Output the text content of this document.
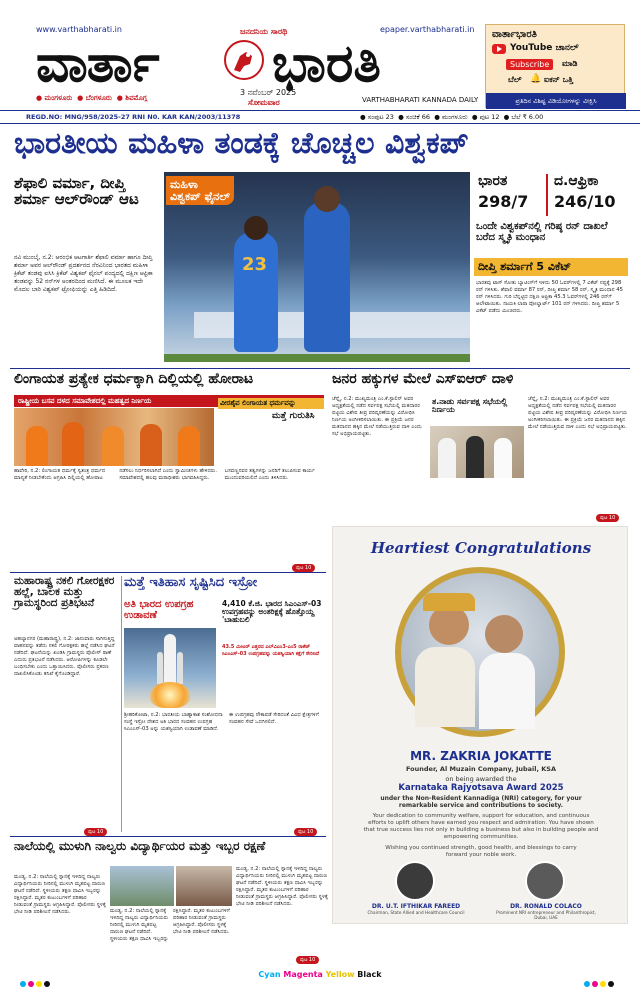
www.varthabharati.in	ಜನದನಿಯ ಸಾರಥಿ	epaper.varthabharati.in
ವಾರ್ತಾ ಭಾರತಿ
● ಮಂಗಳೂರು ● ಬೆಂಗಳೂರು ● ಶಿವಮೊಗ್ಗ
3 ನವೆಂಬರ್ 2025
ಸೋಮವಾರ	VARTHABHARATI KANNADA DAILY
ವಾರ್ತಾಭಾರತಿ
YouTube ಚಾನಲ್
Subscribe	ಮಾಡಿ
ಬೆಲ್ 🔔 ಐಕನ್ ಒತ್ತಿ
ಪ್ರತಿದಿನ ವಿಶಿಷ್ಟ ವಿಡಿಯೋಗಳನ್ನು ವೀಕ್ಷಿಸಿ
REGD.NO: MNG/958/2025-27 RNI N0. KAR KAN/2003/11378	● ಸಂಪುಟ 23 ● ಸಂಚಿಕೆ 66 ● ಮಂಗಳೂರು ● ಪುಟ 12 ● ಬೆಲೆ ₹ 6.00
ಭಾರತೀಯ ಮಹಿಳಾ ತಂಡಕ್ಕೆ ಚೊಚ್ಚಲ ವಿಶ್ವಕಪ್
ಶೆಫಾಲಿ ವರ್ಮಾ, ದೀಪ್ತಿ ಶರ್ಮಾ ಆಲ್‌ರೌಂಡ್ ಆಟ
23
ಮಹಿಳಾ ವಿಶ್ವಕಪ್ ಫೈನಲ್
ಭಾರತ
298/7
ದ.ಆಫ್ರಿಕಾ
246/10
ಒಂದೇ ವಿಶ್ವಕಪ್‌ನಲ್ಲಿ ಗರಿಷ್ಠ ರನ್ ದಾಖಲೆ ಬರೆದ ಸ್ಮೃತಿ ಮಂಧಾನ
ದೀಪ್ತಿ ಶರ್ಮಾಗೆ 5 ವಿಕೆಟ್
ಭಾರತವು ಟಾಸ್ ಸೋತು ಬ್ಯಾಟಿಂಗ್‌ಗೆ ಇಳಿದು 50 ಓವರ್‌ಗಳಲ್ಲಿ 7 ವಿಕೆಟ್ ನಷ್ಟಕ್ಕೆ 298 ರನ್ ಗಳಿಸಿತು. ಶೆಫಾಲಿ ವರ್ಮಾ 87 ರನ್, ದೀಪ್ತಿ ಶರ್ಮಾ 58 ರನ್, ಸ್ಮೃತಿ ಮಂಧಾನ 45 ರನ್ ಗಳಿಸಿದರು. ಗುರಿ ಬೆನ್ನಟ್ಟಿದ ದಕ್ಷಿಣ ಆಫ್ರಿಕಾ 45.3 ಓವರ್‌ಗಳಲ್ಲಿ 246 ರನ್‌ಗೆ ಆಲೌಟಾಯಿತು. ನಾಯಕಿ ಲಾರಾ ವೋಲ್ವಾರ್ಟ್ 101 ರನ್ ಗಳಿಸಿದರು. ದೀಪ್ತಿ ಶರ್ಮಾ 5 ವಿಕೆಟ್ ಪಡೆದು ಮಿಂಚಿದರು.
ನವಿ ಮುಂಬೈ, ನ.2: ಆರಂಭಿಕ ಆಟಗಾರ್ತಿ ಶೆಫಾಲಿ ವರ್ಮಾ ಹಾಗೂ ದೀಪ್ತಿ ಶರ್ಮಾ ಅವರ ಆಲ್‌ರೌಂಡ್ ಪ್ರದರ್ಶನದ ನೆರವಿನಿಂದ ಭಾರತದ ಮಹಿಳಾ ಕ್ರಿಕೆಟ್ ತಂಡವು ಐಸಿಸಿ ಕ್ರಿಕೆಟ್ ವಿಶ್ವಕಪ್ ಫೈನಲ್ ಪಂದ್ಯದಲ್ಲಿ ದಕ್ಷಿಣ ಆಫ್ರಿಕಾ ತಂಡವನ್ನು 52 ರನ್‌ಗಳ ಅಂತರದಿಂದ ಮಣಿಸಿದೆ. ಈ ಮೂಲಕ ಇದೇ ಮೊದಲ ಬಾರಿ ವಿಶ್ವಕಪ್ ಟ್ರೋಫಿಯನ್ನು ಎತ್ತಿ ಹಿಡಿದಿದೆ.
ಲಿಂಗಾಯತ ಪ್ರತ್ಯೇಕ ಧರ್ಮಕ್ಕಾಗಿ ದಿಲ್ಲಿಯಲ್ಲಿ ಹೋರಾಟ
ರಾಷ್ಟ್ರೀಯ ಬಸವ ದಳದ ಸಮಾವೇಶದಲ್ಲಿ ಮಹತ್ವದ ನಿರ್ಣಯ	ವೀರಶೈವ ಲಿಂಗಾಯತ ಧರ್ಮವನ್ನು
ಮತ್ತೆ ಗುರುತಿಸಿ
ಹಾವೇರಿ, ನ.2: ಲಿಂಗಾಯತ ಧರ್ಮಕ್ಕೆ ಸ್ವತಂತ್ರ ಧರ್ಮದ ಮಾನ್ಯತೆ ನೀಡಬೇಕೆಂದು ಆಗ್ರಹಿಸಿ ದಿಲ್ಲಿಯಲ್ಲಿ ಹೋರಾಟ ನಡೆಸಲು ನಿರ್ಧರಿಸಲಾಗಿದೆ ಎಂದು ಸ್ವಾಮೀಜಿಗಳು ಹೇಳಿದರು. ಸಮಾವೇಶದಲ್ಲಿ ಹಲವು ಮಠಾಧೀಶರು ಭಾಗವಹಿಸಿದ್ದರು. ಬಸವಣ್ಣನವರ ತತ್ವಗಳನ್ನು ಜನರಿಗೆ ತಲುಪಿಸುವ ಕಾರ್ಯ ಮುಂದುವರಿಯಲಿದೆ ಎಂದು ತಿಳಿಸಿದರು.
ಪುಟ 10
ಜನರ ಹಕ್ಕುಗಳ ಮೇಲೆ ಎಸ್‌ಐಆರ್ ದಾಳಿ
ತ.ನಾಡು ಸರ್ವಪಕ್ಷ ಸಭೆಯಲ್ಲಿ ನಿರ್ಣಯ
ಚೆನ್ನೈ, ನ.2: ಮುಖ್ಯಮಂತ್ರಿ ಎಂ.ಕೆ.ಸ್ಟಾಲಿನ್ ಅವರ ಅಧ್ಯಕ್ಷತೆಯಲ್ಲಿ ನಡೆದ ಸರ್ವಪಕ್ಷ ಸಭೆಯಲ್ಲಿ ಮತದಾರರ ಪಟ್ಟಿಯ ವಿಶೇಷ ತೀವ್ರ ಪರಿಷ್ಕರಣೆಯನ್ನು ವಿರೋಧಿಸಿ ನಿರ್ಣಯ ಅಂಗೀಕರಿಸಲಾಯಿತು. ಈ ಪ್ರಕ್ರಿಯೆ ಜನರ ಮತದಾನದ ಹಕ್ಕಿನ ಮೇಲೆ ನಡೆಯುತ್ತಿರುವ ದಾಳಿ ಎಂದು ಸಭೆ ಅಭಿಪ್ರಾಯಪಟ್ಟಿತು.
ಚೆನ್ನೈ, ನ.2: ಮುಖ್ಯಮಂತ್ರಿ ಎಂ.ಕೆ.ಸ್ಟಾಲಿನ್ ಅವರ ಅಧ್ಯಕ್ಷತೆಯಲ್ಲಿ ನಡೆದ ಸರ್ವಪಕ್ಷ ಸಭೆಯಲ್ಲಿ ಮತದಾರರ ಪಟ್ಟಿಯ ವಿಶೇಷ ತೀವ್ರ ಪರಿಷ್ಕರಣೆಯನ್ನು ವಿರೋಧಿಸಿ ನಿರ್ಣಯ ಅಂಗೀಕರಿಸಲಾಯಿತು. ಈ ಪ್ರಕ್ರಿಯೆ ಜನರ ಮತದಾನದ ಹಕ್ಕಿನ ಮೇಲೆ ನಡೆಯುತ್ತಿರುವ ದಾಳಿ ಎಂದು ಸಭೆ ಅಭಿಪ್ರಾಯಪಟ್ಟಿತು.
ಪುಟ 10
Heartiest Congratulations
MR. ZAKRIA JOKATTE
Founder, Al Muzain Company, Jubail, KSA
on being awarded the
Karnataka Rajyotsava Award 2025
under the Non-Resident Kannadiga (NRI) category, for your remarkable service and contributions to society.
Your dedication to community welfare, support for education, and continuous efforts to uplift others have earned you respect and admiration. You have shown that true success lies not only in building a business but also in building people and empowering communities.
Wishing you continued strength, good health, and blessings to carry forward your noble work.
DR. U.T. IFTHIKAR FAREED
Chairman, State Allied and Healthcare Council
DR. RONALD COLACO
Prominent NRI entrepreneur and Philanthropist, Dubai, UAE
ಮಹಾರಾಷ್ಟ್ರ ನಕಲಿ ಗೋರಕ್ಷಕರ ಹಲ್ಲೆ, ಬಾಲಕ ಮತ್ತು ಗ್ರಾಮಸ್ಥರಿಂದ ಪ್ರತಿಭಟನೆ
ಅಹಲ್ಯಾನಗರ (ಮಹಾರಾಷ್ಟ್ರ), ನ.2: ಜಾನುವಾರು ಸಾಗಿಸುತ್ತಿದ್ದ ವಾಹನವನ್ನು ತಡೆದು ನಕಲಿ ಗೋರಕ್ಷಕರು ಹಲ್ಲೆ ನಡೆಸಿದ ಘಟನೆ ನಡೆದಿದೆ. ಘಟನೆಯನ್ನು ಖಂಡಿಸಿ ಗ್ರಾಮಸ್ಥರು ಪೊಲೀಸ್ ಠಾಣೆ ಎದುರು ಪ್ರತಿಭಟನೆ ನಡೆಸಿದರು. ಆರೋಪಿಗಳನ್ನು ಕೂಡಲೇ ಬಂಧಿಸಬೇಕು ಎಂದು ಒತ್ತಾಯಿಸಿದರು. ಪೊಲೀಸರು ಪ್ರಕರಣ ದಾಖಲಿಸಿಕೊಂಡು ತನಿಖೆ ಕೈಗೊಂಡಿದ್ದಾರೆ.
ಪುಟ 10
ಮತ್ತೆ ಇತಿಹಾಸ ಸೃಷ್ಟಿಸಿದ ಇಸ್ರೋ
ಅತಿ ಭಾರದ ಉಪಗ್ರಹ ಉಡಾವಣೆ
4,410 ಕೆ.ಜಿ. ಭಾರದ ಸಿಎಂಎಸ್-03 ಉಪಗ್ರಹವನ್ನು ಅಂತರಿಕ್ಷಕ್ಕೆ ಹೊತ್ತೊಯ್ದ 'ಬಾಹುಬಲಿ'
43.5 ಮೀಟರ್ ಎತ್ತರದ ಎಲ್‌ವಿಎಂ3-ಎಂ5 ರಾಕೆಟ್ ಸಿಎಂಎಸ್-03 ಉಪಗ್ರಹವನ್ನು ಯಶಸ್ವಿಯಾಗಿ ಕಕ್ಷೆಗೆ ಸೇರಿಸಿದೆ
ಶ್ರೀಹರಿಕೋಟಾ, ನ.2: ಭಾರತೀಯ ಬಾಹ್ಯಾಕಾಶ ಸಂಶೋಧನಾ ಸಂಸ್ಥೆ ಇಸ್ರೋ ದೇಶದ ಅತಿ ಭಾರದ ಸಂವಹನ ಉಪಗ್ರಹ ಸಿಎಂಎಸ್-03 ಅನ್ನು ಯಶಸ್ವಿಯಾಗಿ ಉಡಾವಣೆ ಮಾಡಿದೆ. ಈ ಉಪಗ್ರಹವು ನೌಕಾಪಡೆ ಸೇರಿದಂತೆ ವಿವಿಧ ಕ್ಷೇತ್ರಗಳಿಗೆ ಸಂವಹನ ಸೇವೆ ಒದಗಿಸಲಿದೆ.
ಪುಟ 10
ನಾಲೆಯಲ್ಲಿ ಮುಳುಗಿ ನಾಲ್ವರು ವಿದ್ಯಾರ್ಥಿಯರ ಮತ್ತು ಇಬ್ಬರ ರಕ್ಷಣೆ
ಮಂಡ್ಯ, ನ.2: ನಾಲೆಯಲ್ಲಿ ಸ್ನಾನಕ್ಕೆ ಇಳಿದಿದ್ದ ನಾಲ್ವರು ವಿದ್ಯಾರ್ಥಿನಿಯರು ನೀರಿನಲ್ಲಿ ಮುಳುಗಿ ಮೃತಪಟ್ಟ ದಾರುಣ ಘಟನೆ ನಡೆದಿದೆ. ಸ್ಥಳೀಯರು ತಕ್ಷಣ ಧಾವಿಸಿ ಇಬ್ಬರನ್ನು ರಕ್ಷಿಸಿದ್ದಾರೆ. ಮೃತರ ಕುಟುಂಬಗಳಿಗೆ ಪರಿಹಾರ ನೀಡುವಂತೆ ಗ್ರಾಮಸ್ಥರು ಆಗ್ರಹಿಸಿದ್ದಾರೆ. ಪೊಲೀಸರು ಸ್ಥಳಕ್ಕೆ ಭೇಟಿ ನೀಡಿ ಪರಿಶೀಲನೆ ನಡೆಸಿದರು.	ಮಂಡ್ಯ, ನ.2: ನಾಲೆಯಲ್ಲಿ ಸ್ನಾನಕ್ಕೆ ಇಳಿದಿದ್ದ ನಾಲ್ವರು ವಿದ್ಯಾರ್ಥಿನಿಯರು ನೀರಿನಲ್ಲಿ ಮುಳುಗಿ ಮೃತಪಟ್ಟ ದಾರುಣ ಘಟನೆ ನಡೆದಿದೆ. ಸ್ಥಳೀಯರು ತಕ್ಷಣ ಧಾವಿಸಿ ಇಬ್ಬರನ್ನು ರಕ್ಷಿಸಿದ್ದಾರೆ. ಮೃತರ ಕುಟುಂಬಗಳಿಗೆ ಪರಿಹಾರ ನೀಡುವಂತೆ ಗ್ರಾಮಸ್ಥರು ಆಗ್ರಹಿಸಿದ್ದಾರೆ. ಪೊಲೀಸರು ಸ್ಥಳಕ್ಕೆ ಭೇಟಿ ನೀಡಿ ಪರಿಶೀಲನೆ ನಡೆಸಿದರು.
ಮಂಡ್ಯ, ನ.2: ನಾಲೆಯಲ್ಲಿ ಸ್ನಾನಕ್ಕೆ ಇಳಿದಿದ್ದ ನಾಲ್ವರು ವಿದ್ಯಾರ್ಥಿನಿಯರು ನೀರಿನಲ್ಲಿ ಮುಳುಗಿ ಮೃತಪಟ್ಟ ದಾರುಣ ಘಟನೆ ನಡೆದಿದೆ. ಸ್ಥಳೀಯರು ತಕ್ಷಣ ಧಾವಿಸಿ ಇಬ್ಬರನ್ನು ರಕ್ಷಿಸಿದ್ದಾರೆ. ಮೃತರ ಕುಟುಂಬಗಳಿಗೆ ಪರಿಹಾರ ನೀಡುವಂತೆ ಗ್ರಾಮಸ್ಥರು ಆಗ್ರಹಿಸಿದ್ದಾರೆ. ಪೊಲೀಸರು ಸ್ಥಳಕ್ಕೆ ಭೇಟಿ ನೀಡಿ ಪರಿಶೀಲನೆ ನಡೆಸಿದರು.
ಪುಟ 10
Cyan Magenta Yellow Black
